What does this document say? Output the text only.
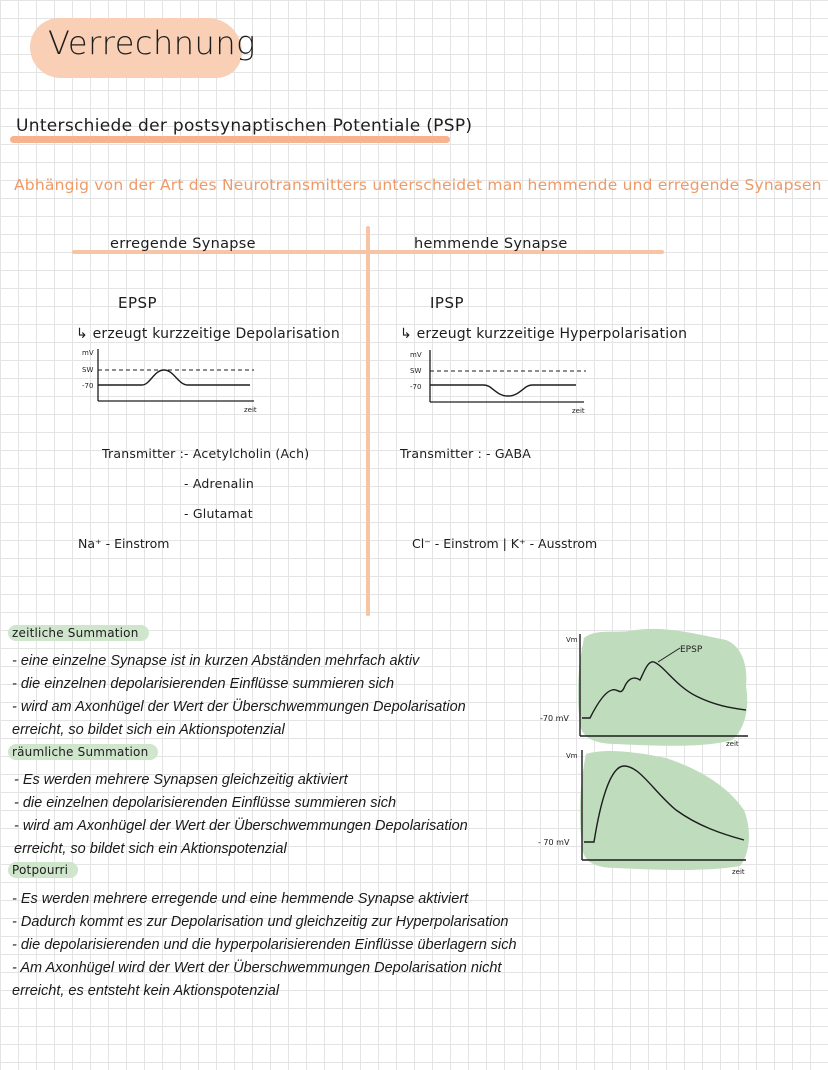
Verrechnung
Unterschiede der postsynaptischen Potentiale (PSP)
Abhängig von der Art des Neurotransmitters unterscheidet man hemmende und erregende Synapsen
erregende Synapse
EPSP
↳ erzeugt kurzzeitige Depolarisation
mV
SW
-70
zeit
Transmitter : - Acetylcholin (Ach)
- Adrenalin
- Glutamat
Na⁺ - Einstrom
hemmende Synapse
IPSP
↳ erzeugt kurzzeitige Hyperpolarisation
mV
SW
-70
zeit
Transmitter : - GABA
Cl⁻ - Einstrom | K⁺ - Ausstrom
zeitliche Summation
- eine einzelne Synapse ist in kurzen Abständen mehrfach aktiv
- die einzelnen depolarisierenden Einflüsse summieren sich
- wird am Axonhügel der Wert der Überschwemmungen Depolarisation
erreicht, so bildet sich ein Aktionspotenzial
Vm
EPSP
-70 mV
zeit
räumliche Summation
- Es werden mehrere Synapsen gleichzeitig aktiviert
- die einzelnen depolarisierenden Einflüsse summieren sich
- wird am Axonhügel der Wert der Überschwemmungen Depolarisation
erreicht, so bildet sich ein Aktionspotenzial
Vm
- 70 mV
zeit
Potpourri
- Es werden mehrere erregende und eine hemmende Synapse aktiviert
- Dadurch kommt es zur Depolarisation und gleichzeitig zur Hyperpolarisation
- die depolarisierenden und die hyperpolarisierenden Einflüsse überlagern sich
- Am Axonhügel wird der Wert der Überschwemmungen Depolarisation nicht
erreicht, es entsteht kein Aktionspotenzial
